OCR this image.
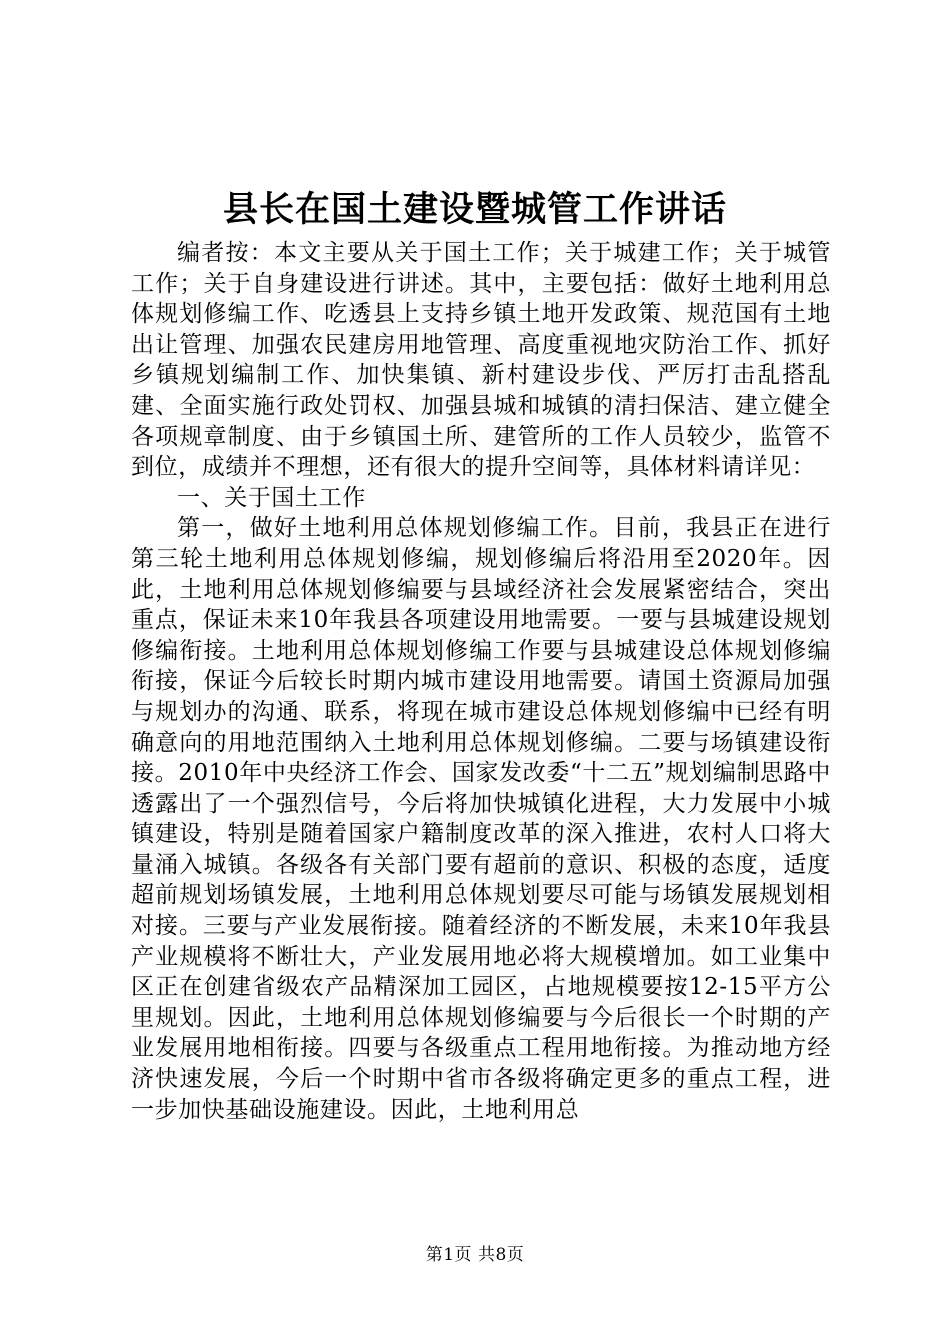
县长在国土建设暨城管工作讲话

编者按：本文主要从关于国土工作；关于城建工作；关于城管工作；关于自身建设进行讲述。其中，主要包括：做好土地利用总体规划修编工作、吃透县上支持乡镇土地开发政策、规范国有土地出让管理、加强农民建房用地管理、高度重视地灾防治工作、抓好乡镇规划编制工作、加快集镇、新村建设步伐、严厉打击乱搭乱建、全面实施行政处罚权、加强县城和城镇的清扫保洁、建立健全各项规章制度、由于乡镇国土所、建管所的工作人员较少，监管不到位，成绩并不理想，还有很大的提升空间等，具体材料请详见：

一、关于国土工作

第一，做好土地利用总体规划修编工作。目前，我县正在进行第三轮土地利用总体规划修编，规划修编后将沿用至2020年。因此，土地利用总体规划修编要与县域经济社会发展紧密结合，突出重点，保证未来10年我县各项建设用地需要。一要与县城建设规划修编衔接。土地利用总体规划修编工作要与县城建设总体规划修编衔接，保证今后较长时期内城市建设用地需要。请国土资源局加强与规划办的沟通、联系，将现在城市建设总体规划修编中已经有明确意向的用地范围纳入土地利用总体规划修编。二要与场镇建设衔接。2010年中央经济工作会、国家发改委“十二五”规划编制思路中透露出了一个强烈信号，今后将加快城镇化进程，大力发展中小城镇建设，特别是随着国家户籍制度改革的深入推进，农村人口将大量涌入城镇。各级各有关部门要有超前的意识、积极的态度，适度超前规划场镇发展，土地利用总体规划要尽可能与场镇发展规划相对接。三要与产业发展衔接。随着经济的不断发展，未来10年我县产业规模将不断壮大，产业发展用地必将大规模增加。如工业集中区正在创建省级农产品精深加工园区，占地规模要按12-15平方公里规划。因此，土地利用总体规划修编要与今后很长一个时期的产业发展用地相衔接。四要与各级重点工程用地衔接。为推动地方经济快速发展，今后一个时期中省市各级将确定更多的重点工程，进一步加快基础设施建设。因此，土地利用总

第1页 共8页
